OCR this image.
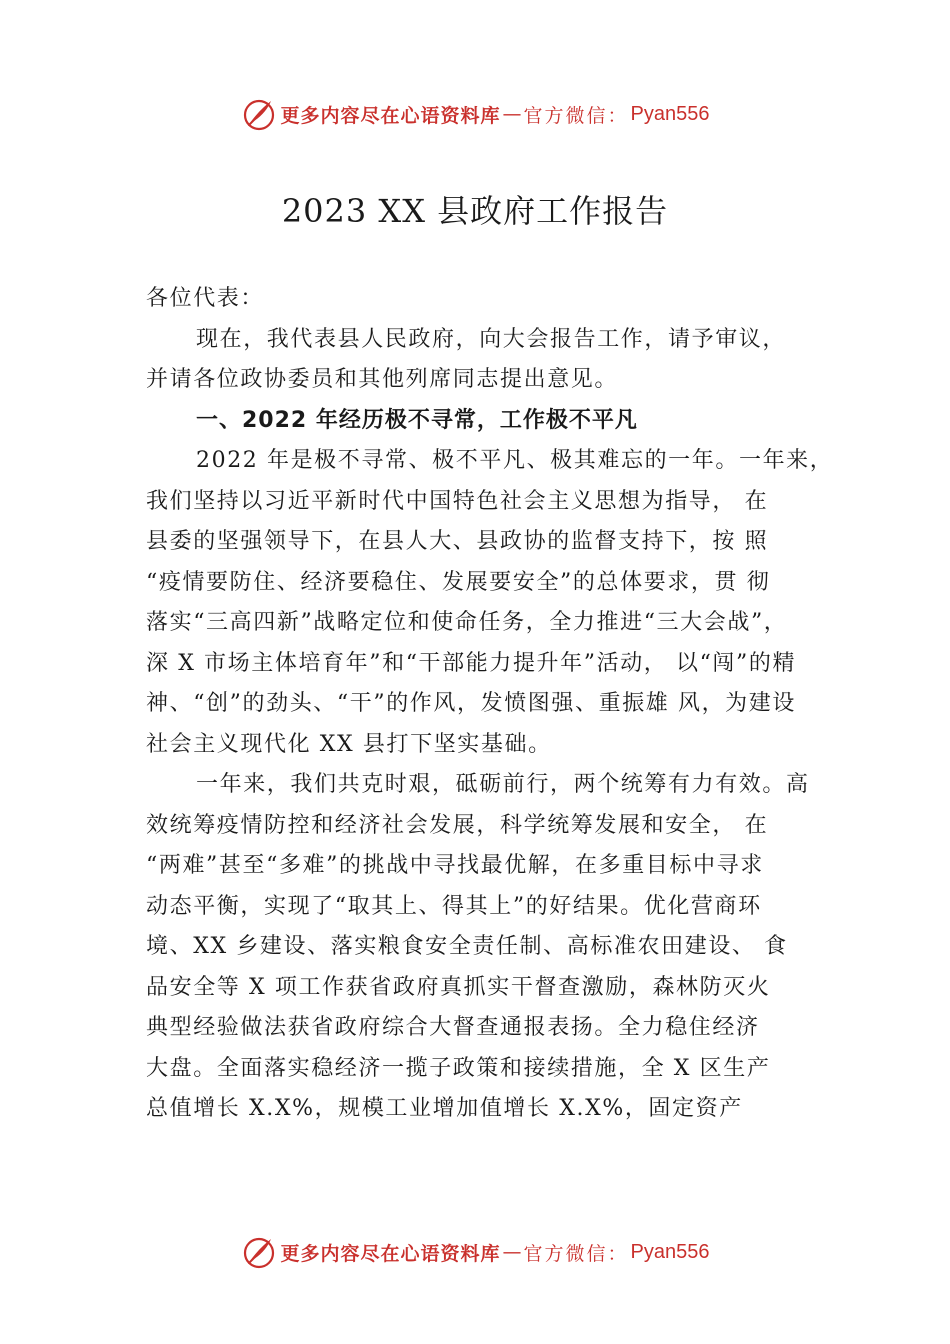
更多内容尽在心语资料库 — 官方微信： Pyan556
2023 XX 县政府工作报告
各位代表：
现在，我代表县人民政府，向大会报告工作，请予审议，
并请各位政协委员和其他列席同志提出意见。
一、2022 年经历极不寻常，工作极不平凡
2022 年是极不寻常、极不平凡、极其难忘的一年。一年来，
我们坚持以习近平新时代中国特色社会主义思想为指导， 在
县委的坚强领导下，在县人大、县政协的监督支持下，按 照
“疫情要防住、经济要稳住、发展要安全”的总体要求，贯 彻
落实“三高四新”战略定位和使命任务，全力推进“三大会战”，
深 X 市场主体培育年”和“干部能力提升年”活动， 以“闯”的精
神、“创”的劲头、“干”的作风，发愤图强、重振雄 风，为建设
社会主义现代化 XX 县打下坚实基础。
一年来，我们共克时艰，砥砺前行，两个统筹有力有效。高
效统筹疫情防控和经济社会发展，科学统筹发展和安全， 在
“两难”甚至“多难”的挑战中寻找最优解，在多重目标中寻求
动态平衡，实现了“取其上、得其上”的好结果。优化营商环
境、XX 乡建设、落实粮食安全责任制、高标准农田建设、 食
品安全等 X 项工作获省政府真抓实干督查激励，森林防灭火
典型经验做法获省政府综合大督查通报表扬。全力稳住经济
大盘。全面落实稳经济一揽子政策和接续措施，全 X 区生产
总值增长 X.X%，规模工业增加值增长 X.X%，固定资产
更多内容尽在心语资料库 — 官方微信： Pyan556
